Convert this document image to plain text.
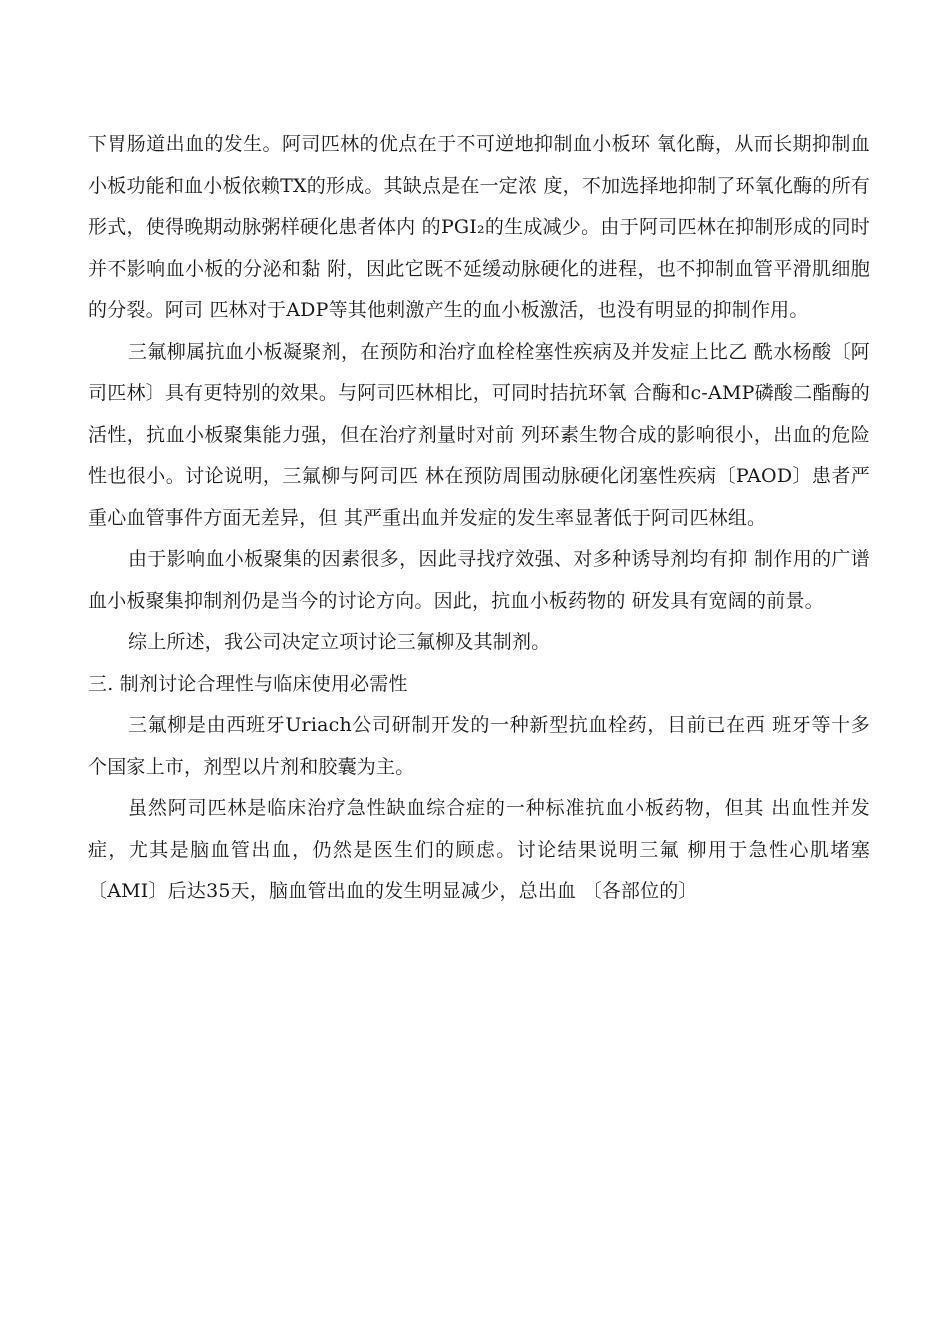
下胃肠道出血的发生。阿司匹林的优点在于不可逆地抑制血小板环 氧化酶，从而长期抑制血小板功能和血小板依赖TX的形成。其缺点是在一定浓 度，不加选择地抑制了环氧化酶的所有形式，使得晚期动脉粥样硬化患者体内 的PGI₂的生成减少。由于阿司匹林在抑制形成的同时并不影响血小板的分泌和黏 附，因此它既不延缓动脉硬化的进程，也不抑制血管平滑肌细胞的分裂。阿司 匹林对于ADP等其他刺激产生的血小板激活，也没有明显的抑制作用。

三氟柳属抗血小板凝聚剂，在预防和治疗血栓栓塞性疾病及并发症上比乙 酰水杨酸〔阿司匹林〕具有更特别的效果。与阿司匹林相比，可同时拮抗环氧 合酶和c-AMP磷酸二酯酶的活性，抗血小板聚集能力强，但在治疗剂量时对前 列环素生物合成的影响很小，出血的危险性也很小。讨论说明，三氟柳与阿司匹 林在预防周围动脉硬化闭塞性疾病〔PAOD〕患者严重心血管事件方面无差异，但 其严重出血并发症的发生率显著低于阿司匹林组。

由于影响血小板聚集的因素很多，因此寻找疗效强、对多种诱导剂均有抑 制作用的广谱血小板聚集抑制剂仍是当今的讨论方向。因此，抗血小板药物的 研发具有宽阔的前景。

综上所述，我公司决定立项讨论三氟柳及其制剂。

三. 制剂讨论合理性与临床使用必需性

三氟柳是由西班牙Uriach公司研制开发的一种新型抗血栓药，目前已在西 班牙等十多个国家上市，剂型以片剂和胶囊为主。

虽然阿司匹林是临床治疗急性缺血综合症的一种标准抗血小板药物，但其 出血性并发症，尤其是脑血管出血，仍然是医生们的顾虑。讨论结果说明三氟 柳用于急性心肌堵塞〔AMI〕后达35天，脑血管出血的发生明显减少，总出血 〔各部位的〕
